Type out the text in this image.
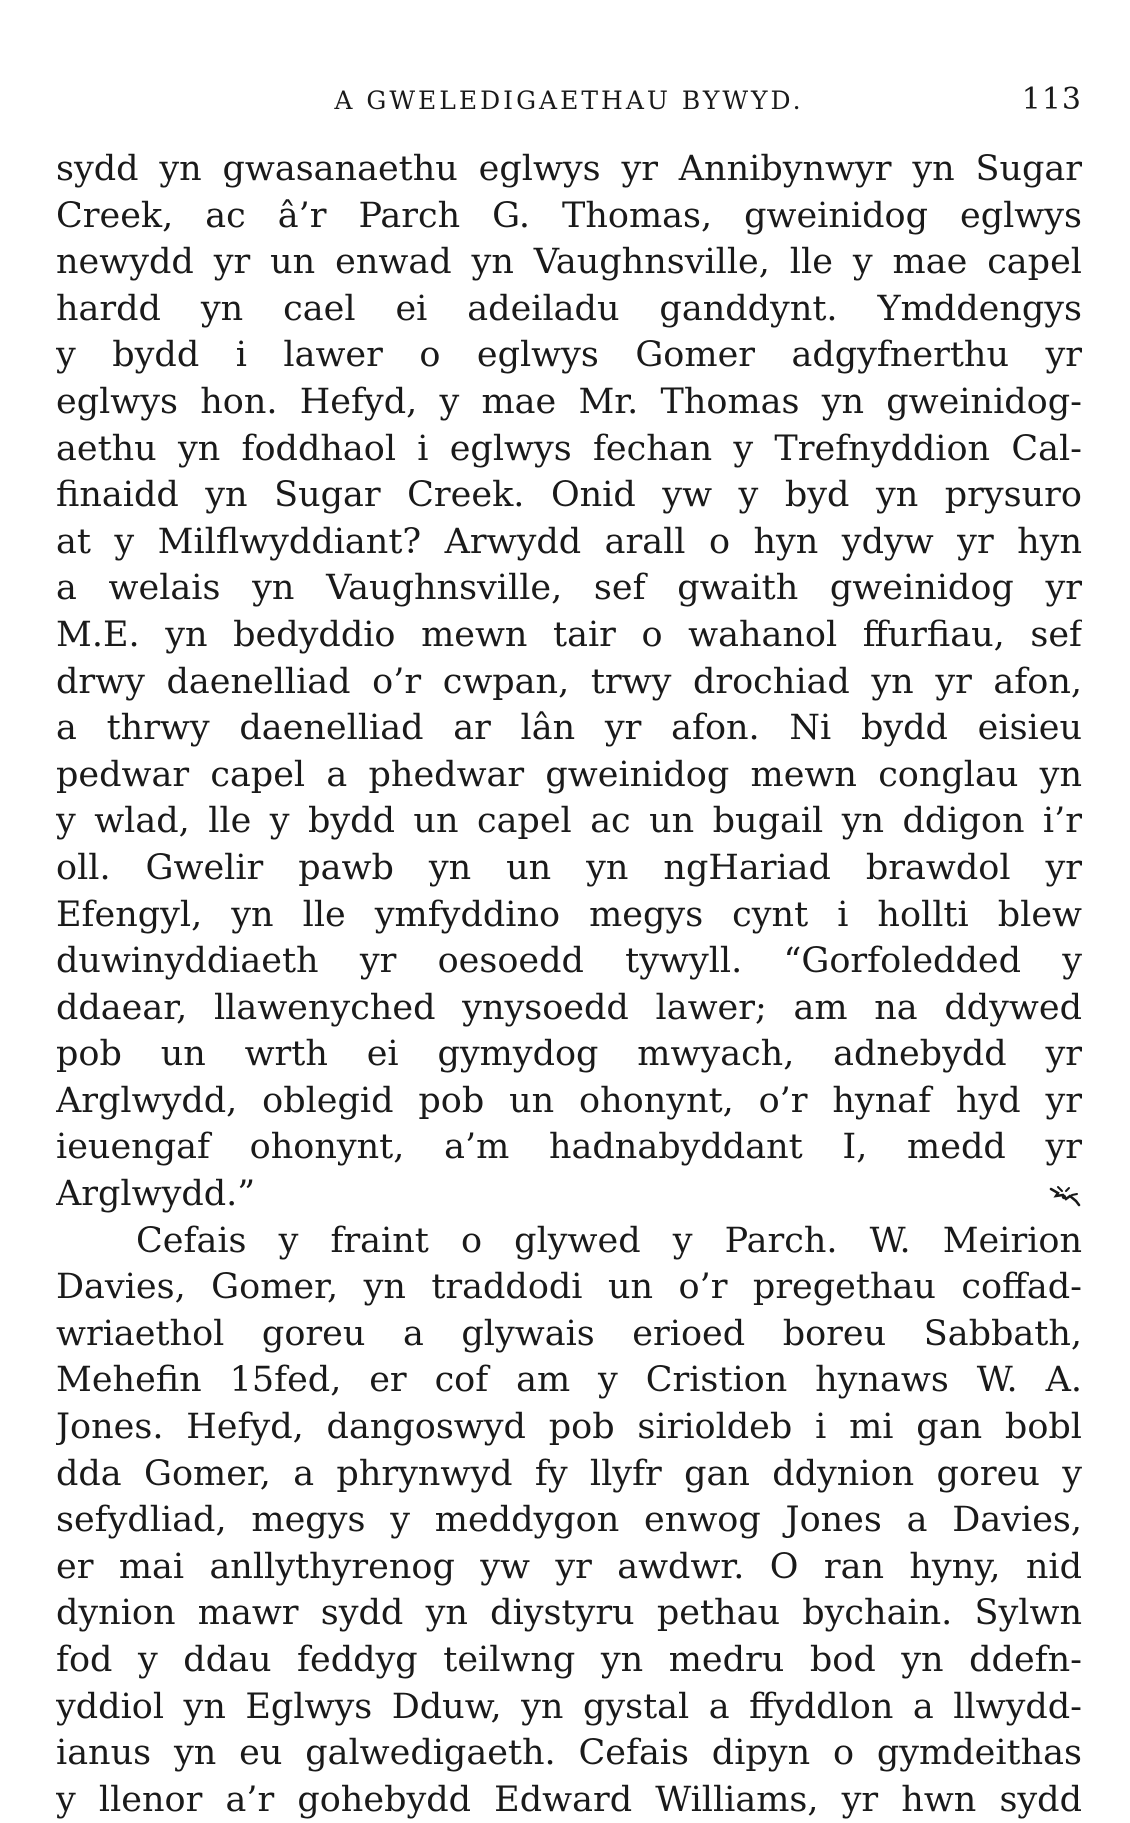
A GWELEDIGAETHAU BYWYD.	113
sydd yn gwasanaethu eglwys yr Annibynwyr yn Sugar
Creek, ac â’r Parch G. Thomas, gweinidog eglwys
newydd yr un enwad yn Vaughnsville, lle y mae capel
hardd yn cael ei adeiladu ganddynt. Ymddengys
y bydd i lawer o eglwys Gomer adgyfnerthu yr
eglwys hon. Hefyd, y mae Mr. Thomas yn gweinidog-
aethu yn foddhaol i eglwys fechan y Trefnyddion Cal-
finaidd yn Sugar Creek. Onid yw y byd yn prysuro
at y Milflwyddiant? Arwydd arall o hyn ydyw yr hyn
a welais yn Vaughnsville, sef gwaith gweinidog yr
M.E. yn bedyddio mewn tair o wahanol ffurfiau, sef
drwy daenelliad o’r cwpan, trwy drochiad yn yr afon,
a thrwy daenelliad ar lân yr afon. Ni bydd eisieu
pedwar capel a phedwar gweinidog mewn conglau yn
y wlad, lle y bydd un capel ac un bugail yn ddigon i’r
oll. Gwelir pawb yn un yn ngHariad brawdol yr
Efengyl, yn lle ymfyddino megys cynt i hollti blew
duwinyddiaeth yr oesoedd tywyll. “Gorfoledded y
ddaear, llawenyched ynysoedd lawer; am na ddywed
pob un wrth ei gymydog mwyach, adnebydd yr
Arglwydd, oblegid pob un ohonynt, o’r hynaf hyd yr
ieuengaf ohonynt, a’m hadnabyddant I, medd yr
Arglwydd.”
Cefais y fraint o glywed y Parch. W. Meirion
Davies, Gomer, yn traddodi un o’r pregethau coffad-
wriaethol goreu a glywais erioed boreu Sabbath,
Mehefin 15fed, er cof am y Cristion hynaws W. A.
Jones. Hefyd, dangoswyd pob sirioldeb i mi gan bobl
dda Gomer, a phrynwyd fy llyfr gan ddynion goreu y
sefydliad, megys y meddygon enwog Jones a Davies,
er mai anllythyrenog yw yr awdwr. O ran hyny, nid
dynion mawr sydd yn diystyru pethau bychain. Sylwn
fod y ddau feddyg teilwng yn medru bod yn ddefn-
yddiol yn Eglwys Dduw, yn gystal a ffyddlon a llwydd-
ianus yn eu galwedigaeth. Cefais dipyn o gymdeithas
y llenor a’r gohebydd Edward Williams, yr hwn sydd
